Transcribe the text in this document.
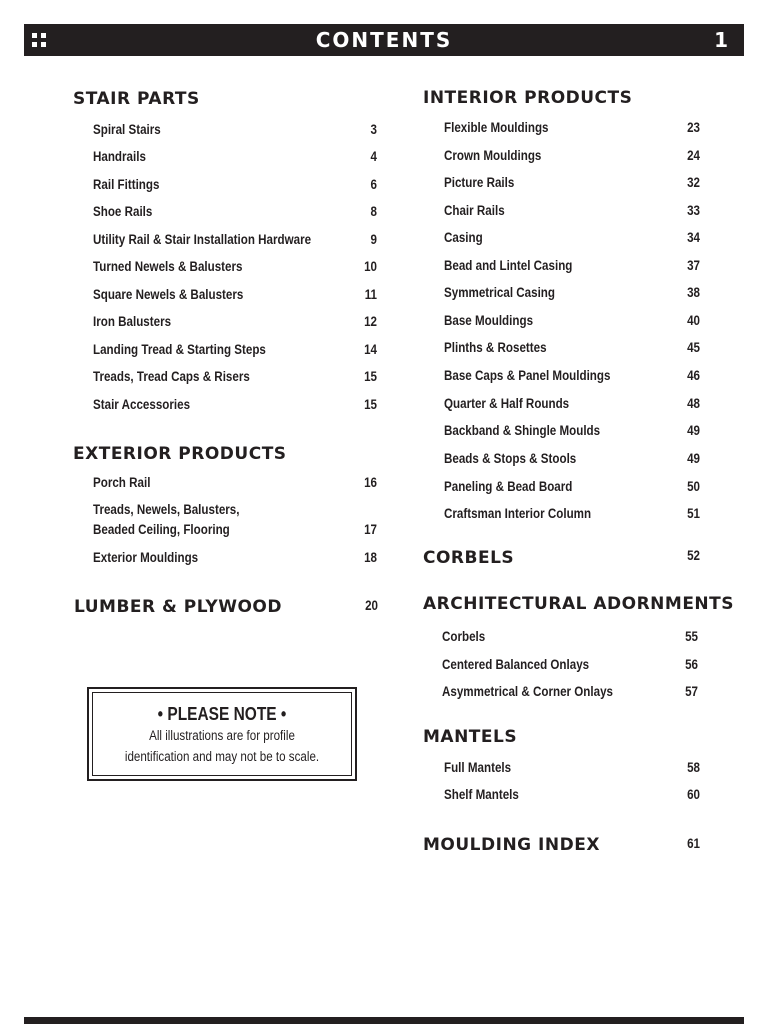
CONTENTS	1
STAIR PARTS
Spiral Stairs	3
Handrails	4
Rail Fittings	6
Shoe Rails	8
Utility Rail & Stair Installation Hardware	9
Turned Newels & Balusters	10
Square Newels & Balusters	11
Iron Balusters	12
Landing Tread & Starting Steps	14
Treads, Tread Caps & Risers	15
Stair Accessories	15
EXTERIOR PRODUCTS
Porch Rail	16
Treads, Newels, Balusters,
Beaded Ceiling, Flooring	17
Exterior Mouldings	18
LUMBER & PLYWOOD	20
• PLEASE NOTE •
All illustrations are for profile
identification and may not be to scale.
INTERIOR PRODUCTS
Flexible Mouldings	23
Crown Mouldings	24
Picture Rails	32
Chair Rails	33
Casing	34
Bead and Lintel Casing	37
Symmetrical Casing	38
Base Mouldings	40
Plinths & Rosettes	45
Base Caps & Panel Mouldings	46
Quarter & Half Rounds	48
Backband & Shingle Moulds	49
Beads & Stops & Stools	49
Paneling & Bead Board	50
Craftsman Interior Column	51
CORBELS	52
ARCHITECTURAL ADORNMENTS
Corbels	55
Centered Balanced Onlays	56
Asymmetrical & Corner Onlays	57
MANTELS
Full Mantels	58
Shelf Mantels	60
MOULDING INDEX	61
